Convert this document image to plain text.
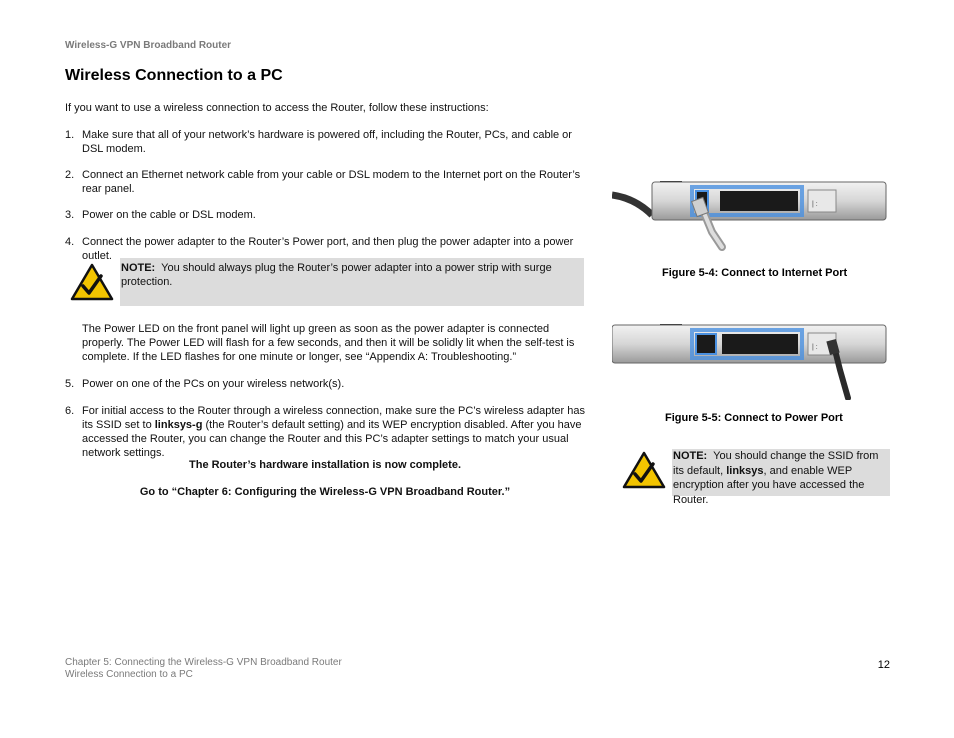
Wireless-G VPN Broadband Router
Wireless Connection to a PC

If you want to use a wireless connection to access the Router, follow these instructions:

1. Make sure that all of your network’s hardware is powered off, including the Router, PCs, and cable or DSL modem.
2. Connect an Ethernet network cable from your cable or DSL modem to the Internet port on the Router’s rear panel.
3. Power on the cable or DSL modem.
4. Connect the power adapter to the Router’s Power port, and then plug the power adapter into a power outlet.
NOTE: You should always plug the Router’s power adapter into a power strip with surge protection.

The Power LED on the front panel will light up green as soon as the power adapter is connected properly. The Power LED will flash for a few seconds, and then it will be solidly lit when the self-test is complete. If the LED flashes for one minute or longer, see “Appendix A: Troubleshooting.”

5. Power on one of the PCs on your wireless network(s).
6. For initial access to the Router through a wireless connection, make sure the PC’s wireless adapter has its SSID set to linksys-g (the Router’s default setting) and its WEP encryption disabled. After you have accessed the Router, you can change the Router and this PC’s adapter settings to match your usual network settings.
The Router’s hardware installation is now complete.
Go to “Chapter 6: Configuring the Wireless-G VPN Broadband Router.”
| :
Figure 5-4: Connect to Internet Port
| :
Figure 5-5: Connect to Power Port
NOTE: You should change the SSID from its default, linksys, and enable WEP encryption after you have accessed the Router.
Chapter 5: Connecting the Wireless-G VPN Broadband Router
Wireless Connection to a PC
12
